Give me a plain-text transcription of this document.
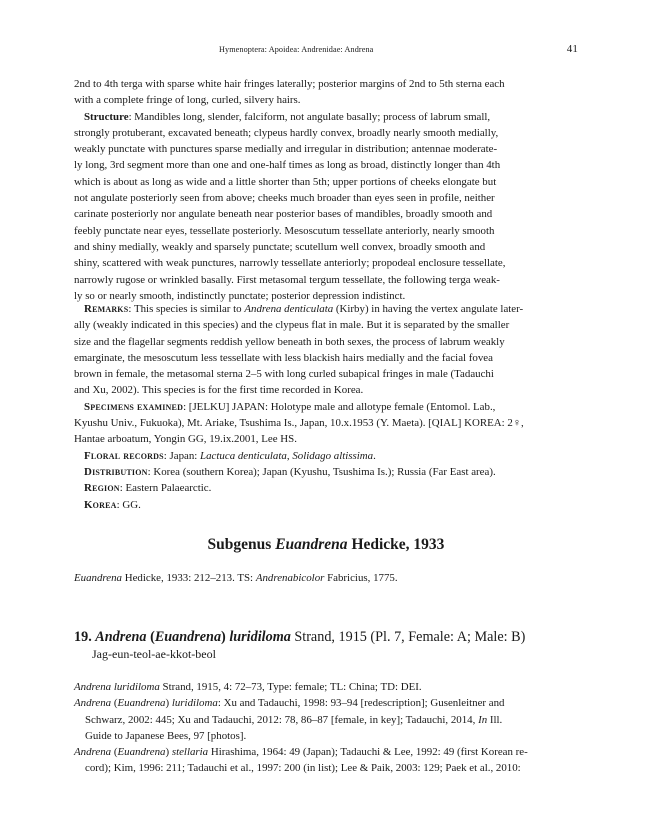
Hymenoptera: Apoidea: Andrenidae: Andrena	41
2nd to 4th terga with sparse white hair fringes laterally; posterior margins of 2nd to 5th sterna each
with a complete fringe of long, curled, silvery hairs.
Structure: Mandibles long, slender, falciform, not angulate basally; process of labrum small,
strongly protuberant, excavated beneath; clypeus hardly convex, broadly nearly smooth medially,
weakly punctate with punctures sparse medially and irregular in distribution; antennae moderate-
ly long, 3rd segment more than one and one-half times as long as broad, distinctly longer than 4th
which is about as long as wide and a little shorter than 5th; upper portions of cheeks elongate but
not angulate posteriorly seen from above; cheeks much broader than eyes seen in profile, neither
carinate posteriorly nor angulate beneath near posterior bases of mandibles, broadly smooth and
feebly punctate near eyes, tessellate posteriorly. Mesoscutum tessellate anteriorly, nearly smooth
and shiny medially, weakly and sparsely punctate; scutellum well convex, broadly smooth and
shiny, scattered with weak punctures, narrowly tessellate anteriorly; propodeal enclosure tessellate,
narrowly rugose or wrinkled basally. First metasomal tergum tessellate, the following terga weak-
ly so or nearly smooth, indistinctly punctate; posterior depression indistinct.
Remarks: This species is similar to Andrena denticulata (Kirby) in having the vertex angulate later-
ally (weakly indicated in this species) and the clypeus flat in male. But it is separated by the smaller
size and the flagellar segments reddish yellow beneath in both sexes, the process of labrum weakly
emarginate, the mesoscutum less tessellate with less blackish hairs medially and the facial fovea
brown in female, the metasomal sterna 2–5 with long curled subapical fringes in male (Tadauchi
and Xu, 2002). This species is for the first time recorded in Korea.
Specimens examined: [JELKU] JAPAN: Holotype male and allotype female (Entomol. Lab.,
Kyushu Univ., Fukuoka), Mt. Ariake, Tsushima Is., Japan, 10.x.1953 (Y. Maeta). [QIAL] KOREA: 2♀,
Hantae arboatum, Yongin GG, 19.ix.2001, Lee HS.
Floral records: Japan: Lactuca denticulata, Solidago altissima.
Distribution: Korea (southern Korea); Japan (Kyushu, Tsushima Is.); Russia (Far East area).
Region: Eastern Palaearctic.
Korea: GG.
Subgenus Euandrena Hedicke, 1933
Euandrena Hedicke, 1933: 212–213. TS: Andrenabicolor Fabricius, 1775.
19. Andrena (Euandrena) luridiloma Strand, 1915 (Pl. 7, Female: A; Male: B)
Jag-eun-teol-ae-kkot-beol
Andrena luridiloma Strand, 1915, 4: 72–73, Type: female; TL: China; TD: DEI.
Andrena (Euandrena) luridiloma: Xu and Tadauchi, 1998: 93–94 [redescription]; Gusenleitner and
Schwarz, 2002: 445; Xu and Tadauchi, 2012: 78, 86–87 [female, in key]; Tadauchi, 2014, In Ill.
Guide to Japanese Bees, 97 [photos].
Andrena (Euandrena) stellaria Hirashima, 1964: 49 (Japan); Tadauchi & Lee, 1992: 49 (first Korean re-
cord); Kim, 1996: 211; Tadauchi et al., 1997: 200 (in list); Lee & Paik, 2003: 129; Paek et al., 2010:
